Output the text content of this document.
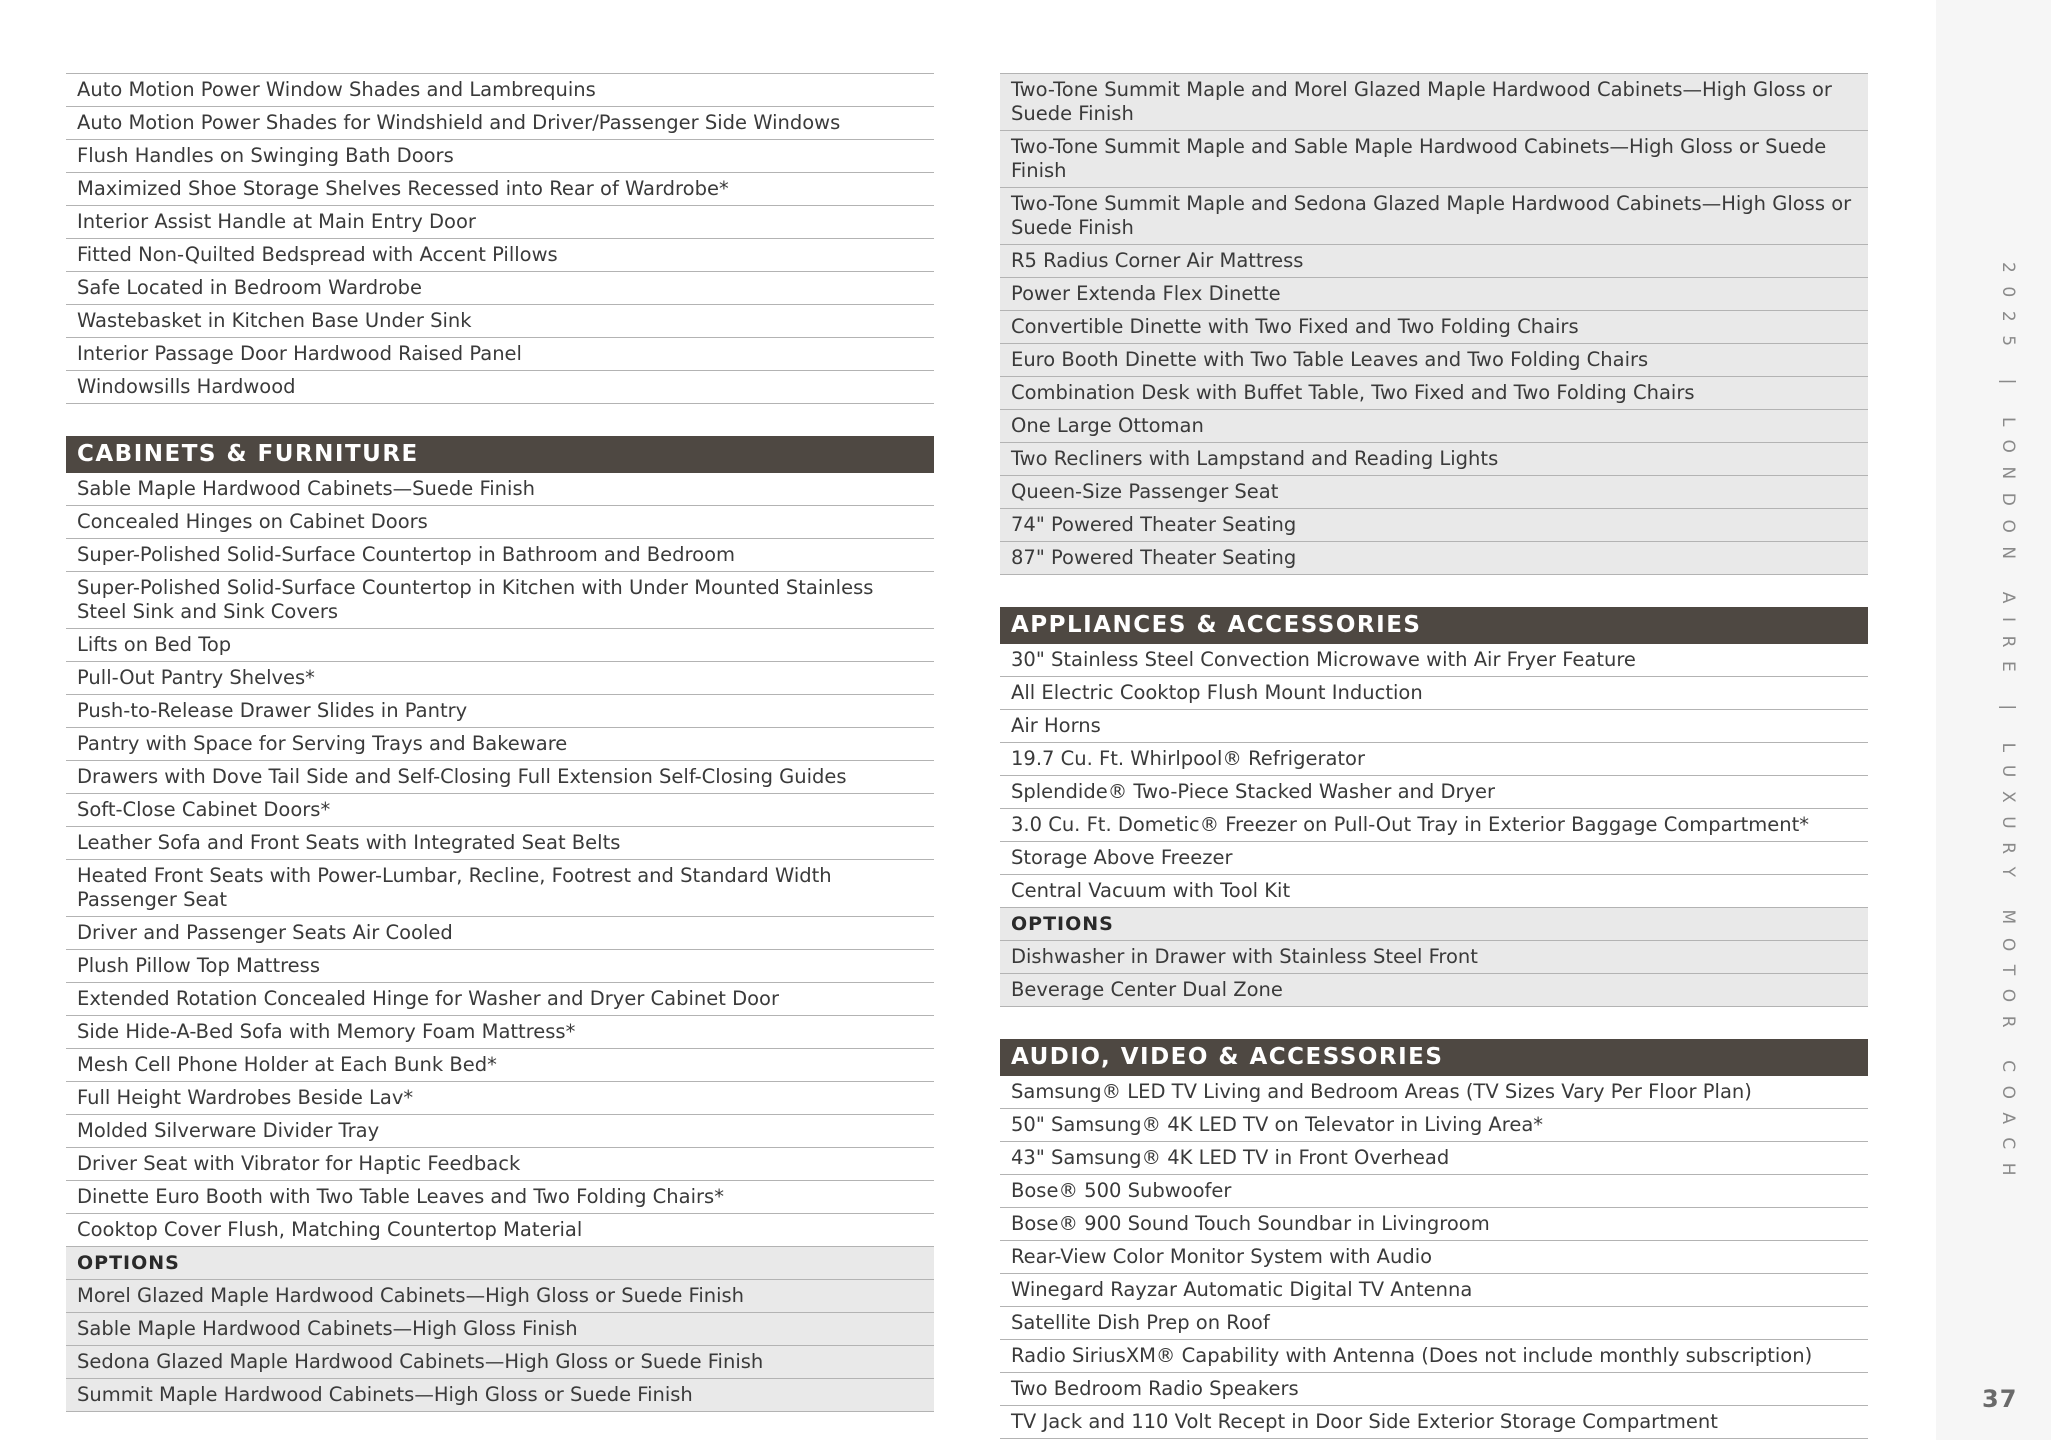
Auto Motion Power Window Shades and Lambrequins
Auto Motion Power Shades for Windshield and Driver/Passenger Side Windows
Flush Handles on Swinging Bath Doors
Maximized Shoe Storage Shelves Recessed into Rear of Wardrobe*
Interior Assist Handle at Main Entry Door
Fitted Non-Quilted Bedspread with Accent Pillows
Safe Located in Bedroom Wardrobe
Wastebasket in Kitchen Base Under Sink
Interior Passage Door Hardwood Raised Panel
Windowsills Hardwood
CABINETS & FURNITURE
Sable Maple Hardwood Cabinets—Suede Finish
Concealed Hinges on Cabinet Doors
Super-Polished Solid-Surface Countertop in Bathroom and Bedroom
Super-Polished Solid-Surface Countertop in Kitchen with Under Mounted Stainless Steel Sink and Sink Covers
Lifts on Bed Top
Pull-Out Pantry Shelves*
Push-to-Release Drawer Slides in Pantry
Pantry with Space for Serving Trays and Bakeware
Drawers with Dove Tail Side and Self-Closing Full Extension Self-Closing Guides
Soft-Close Cabinet Doors*
Leather Sofa and Front Seats with Integrated Seat Belts
Heated Front Seats with Power-Lumbar, Recline, Footrest and Standard Width Passenger Seat
Driver and Passenger Seats Air Cooled
Plush Pillow Top Mattress
Extended Rotation Concealed Hinge for Washer and Dryer Cabinet Door
Side Hide-A-Bed Sofa with Memory Foam Mattress*
Mesh Cell Phone Holder at Each Bunk Bed*
Full Height Wardrobes Beside Lav*
Molded Silverware Divider Tray
Driver Seat with Vibrator for Haptic Feedback
Dinette Euro Booth with Two Table Leaves and Two Folding Chairs*
Cooktop Cover Flush, Matching Countertop Material
OPTIONS
Morel Glazed Maple Hardwood Cabinets—High Gloss or Suede Finish
Sable Maple Hardwood Cabinets—High Gloss Finish
Sedona Glazed Maple Hardwood Cabinets—High Gloss or Suede Finish
Summit Maple Hardwood Cabinets—High Gloss or Suede Finish
Two-Tone Summit Maple and Morel Glazed Maple Hardwood Cabinets—High Gloss or Suede Finish
Two-Tone Summit Maple and Sable Maple Hardwood Cabinets—High Gloss or Suede Finish
Two-Tone Summit Maple and Sedona Glazed Maple Hardwood Cabinets—High Gloss or Suede Finish
R5 Radius Corner Air Mattress
Power Extenda Flex Dinette
Convertible Dinette with Two Fixed and Two Folding Chairs
Euro Booth Dinette with Two Table Leaves and Two Folding Chairs
Combination Desk with Buffet Table, Two Fixed and Two Folding Chairs
One Large Ottoman
Two Recliners with Lampstand and Reading Lights
Queen-Size Passenger Seat
74" Powered Theater Seating
87" Powered Theater Seating
APPLIANCES & ACCESSORIES
30" Stainless Steel Convection Microwave with Air Fryer Feature
All Electric Cooktop Flush Mount Induction
Air Horns
19.7 Cu. Ft. Whirlpool® Refrigerator
Splendide® Two-Piece Stacked Washer and Dryer
3.0 Cu. Ft. Dometic® Freezer on Pull-Out Tray in Exterior Baggage Compartment*
Storage Above Freezer
Central Vacuum with Tool Kit
OPTIONS
Dishwasher in Drawer with Stainless Steel Front
Beverage Center Dual Zone
AUDIO, VIDEO & ACCESSORIES
Samsung® LED TV Living and Bedroom Areas (TV Sizes Vary Per Floor Plan)
50" Samsung® 4K LED TV on Televator in Living Area*
43" Samsung® 4K LED TV in Front Overhead
Bose® 500 Subwoofer
Bose® 900 Sound Touch Soundbar in Livingroom
Rear-View Color Monitor System with Audio
Winegard Rayzar Automatic Digital TV Antenna
Satellite Dish Prep on Roof
Radio SiriusXM® Capability with Antenna (Does not include monthly subscription)
Two Bedroom Radio Speakers
TV Jack and 110 Volt Recept in Door Side Exterior Storage Compartment
2025 | LONDON AIRE | LUXURY MOTOR COACH
37
